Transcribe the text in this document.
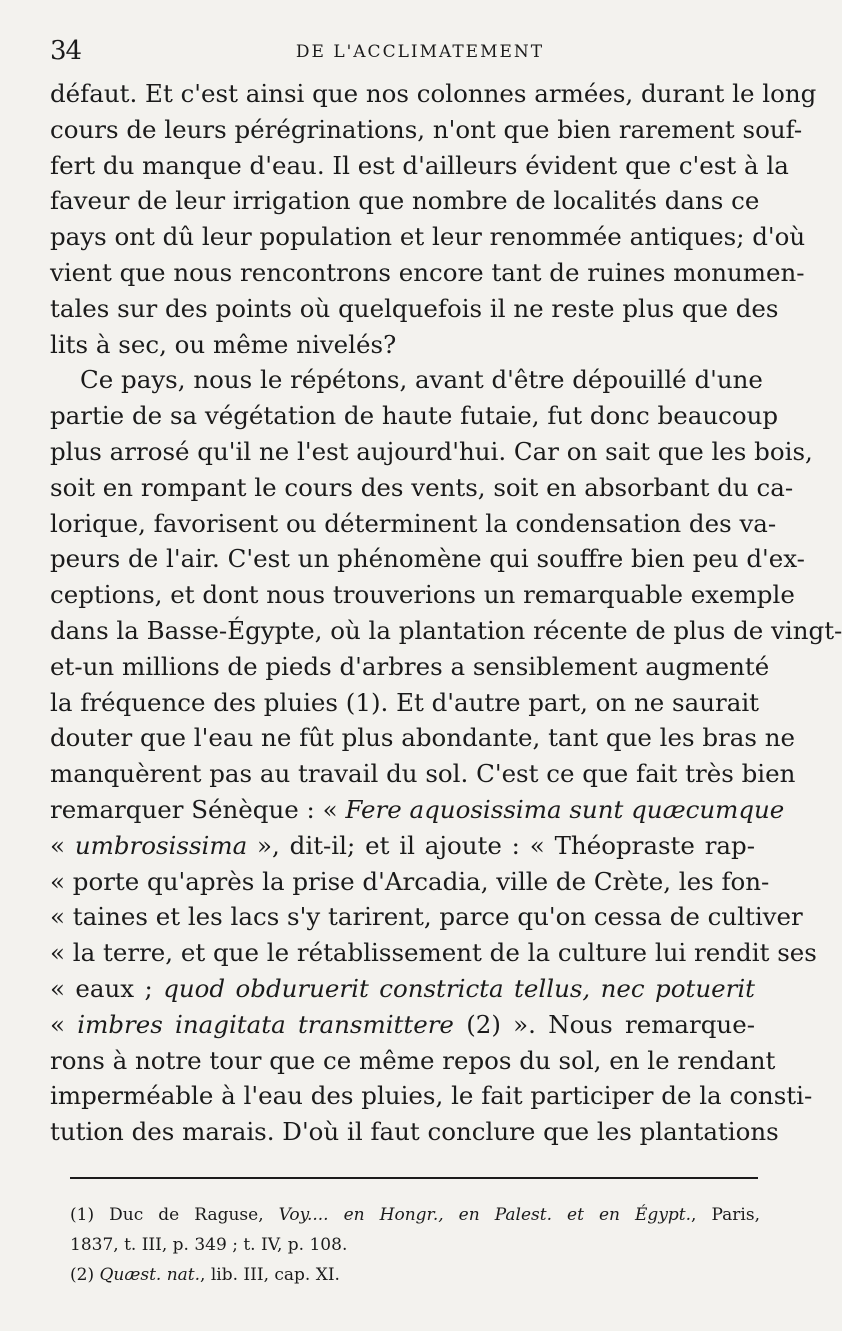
34	DE L'ACCLIMATEMENT
défaut. Et c'est ainsi que nos colonnes armées, durant le long
cours de leurs pérégrinations, n'ont que bien rarement souf-
fert du manque d'eau. Il est d'ailleurs évident que c'est à la
faveur de leur irrigation que nombre de localités dans ce
pays ont dû leur population et leur renommée antiques; d'où
vient que nous rencontrons encore tant de ruines monumen-
tales sur des points où quelquefois il ne reste plus que des
lits à sec, ou même nivelés?
Ce pays, nous le répétons, avant d'être dépouillé d'une
partie de sa végétation de haute futaie, fut donc beaucoup
plus arrosé qu'il ne l'est aujourd'hui. Car on sait que les bois,
soit en rompant le cours des vents, soit en absorbant du ca-
lorique, favorisent ou déterminent la condensation des va-
peurs de l'air. C'est un phénomène qui souffre bien peu d'ex-
ceptions, et dont nous trouverions un remarquable exemple
dans la Basse-Égypte, où la plantation récente de plus de vingt-
et-un millions de pieds d'arbres a sensiblement augmenté
la fréquence des pluies (1). Et d'autre part, on ne saurait
douter que l'eau ne fût plus abondante, tant que les bras ne
manquèrent pas au travail du sol. C'est ce que fait très bien
remarquer Sénèque : « Fere aquosissima sunt quæcumque
« umbrosissima », dit-il; et il ajoute : « Théopraste rap-
« porte qu'après la prise d'Arcadia, ville de Crète, les fon-
« taines et les lacs s'y tarirent, parce qu'on cessa de cultiver
« la terre, et que le rétablissement de la culture lui rendit ses
« eaux ; quod obduruerit constricta tellus, nec potuerit
« imbres inagitata transmittere (2) ». Nous remarque-
rons à notre tour que ce même repos du sol, en le rendant
imperméable à l'eau des pluies, le fait participer de la consti-
tution des marais. D'où il faut conclure que les plantations
(1) Duc de Raguse, Voy.... en Hongr., en Palest. et en Égypt., Paris,
1837, t. III, p. 349 ; t. IV, p. 108.
(2) Quæst. nat., lib. III, cap. XI.
